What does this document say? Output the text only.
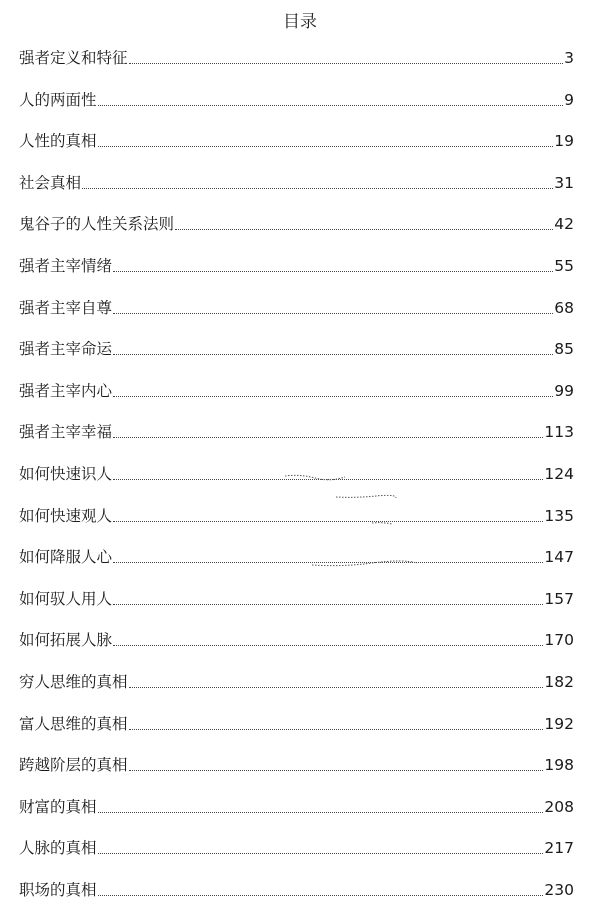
目录
强者定义和特征	3
人的两面性	9
人性的真相	19
社会真相	31
鬼谷子的人性关系法则	42
强者主宰情绪	55
强者主宰自尊	68
强者主宰命运	85
强者主宰内心	99
强者主宰幸福	113
如何快速识人	124
如何快速观人	135
如何降服人心	147
如何驭人用人	157
如何拓展人脉	170
穷人思维的真相	182
富人思维的真相	192
跨越阶层的真相	198
财富的真相	208
人脉的真相	217
职场的真相	230
